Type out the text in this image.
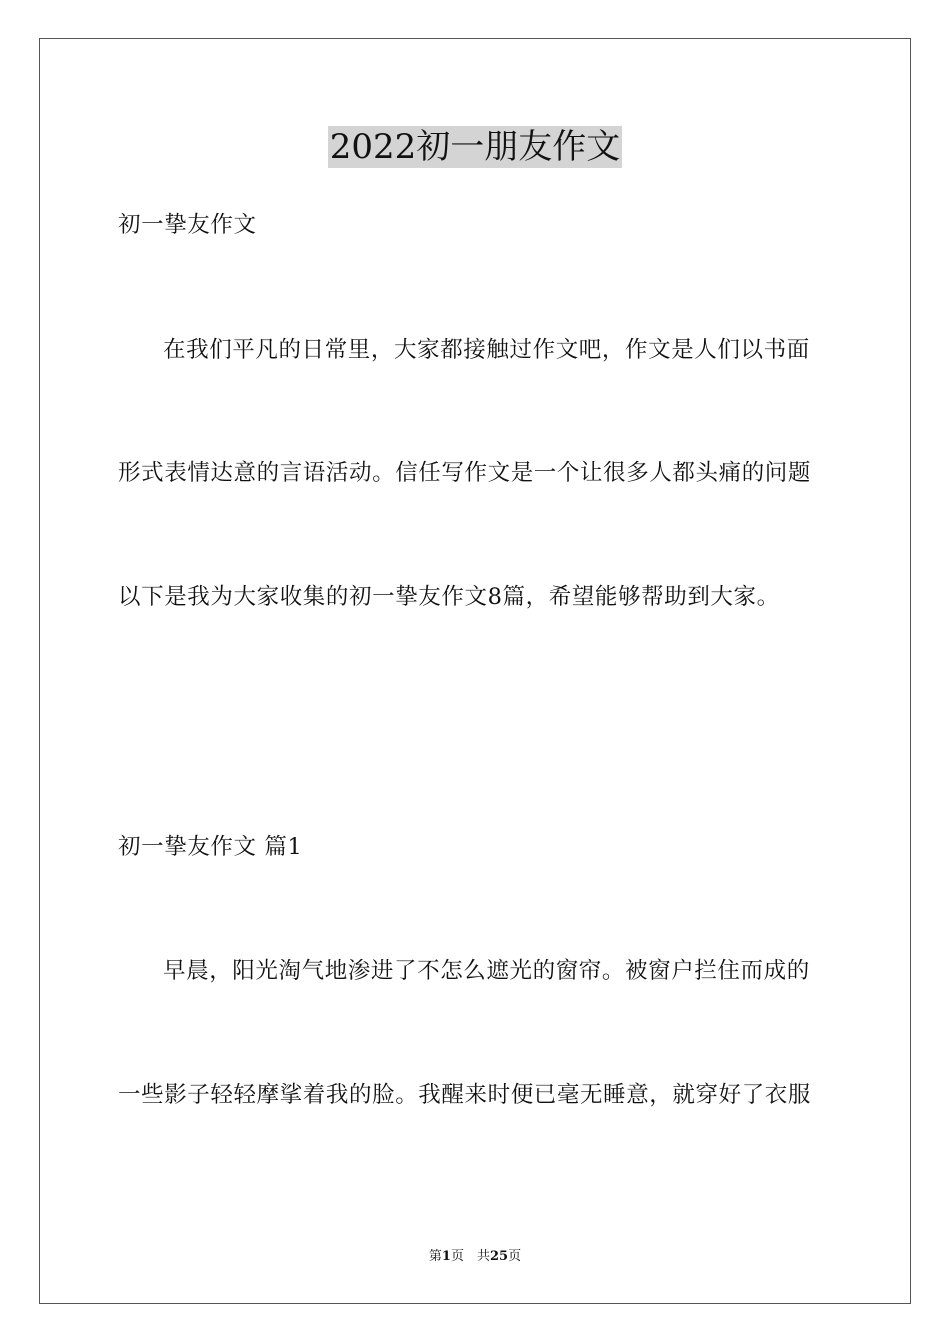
2022初一朋友作文
初一挚友作文
在我们平凡的日常里，大家都接触过作文吧，作文是人们以书面
形式表情达意的言语活动。信任写作文是一个让很多人都头痛的问题
以下是我为大家收集的初一挚友作文8篇，希望能够帮助到大家。
初一挚友作文 篇1
早晨，阳光淘气地渗进了不怎么遮光的窗帘。被窗户拦住而成的
一些影子轻轻摩挲着我的脸。我醒来时便已毫无睡意，就穿好了衣服
第1页　共25页
